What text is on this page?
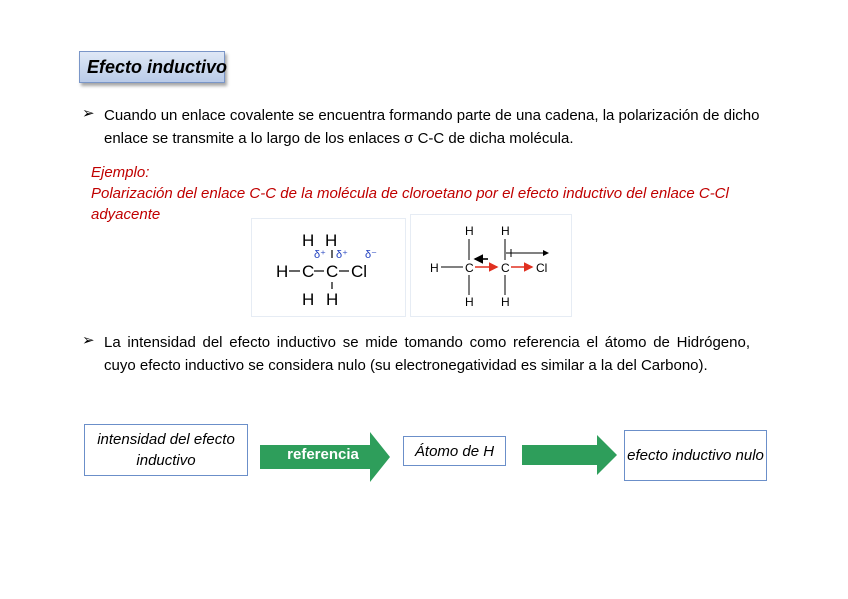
Efecto inductivo
➢ Cuando un enlace covalente se encuentra formando parte de una cadena, la polarización de dicho enlace se transmite a lo largo de los enlaces σ C-C de dicha molécula.
Ejemplo:
Polarización del enlace C-C de la molécula de cloroetano por el efecto inductivo del enlace C-Cl adyacente
H H
H C C Cl
H H
δ⁺ δ⁺ δ⁻
H H
H C C Cl
H H
➢ La intensidad del efecto inductivo se mide tomando como referencia el átomo de Hidrógeno, cuyo efecto inductivo se considera nulo (su electronegatividad es similar a la del Carbono).
intensidad del efecto inductivo	referencia	Átomo de H	efecto inductivo nulo
